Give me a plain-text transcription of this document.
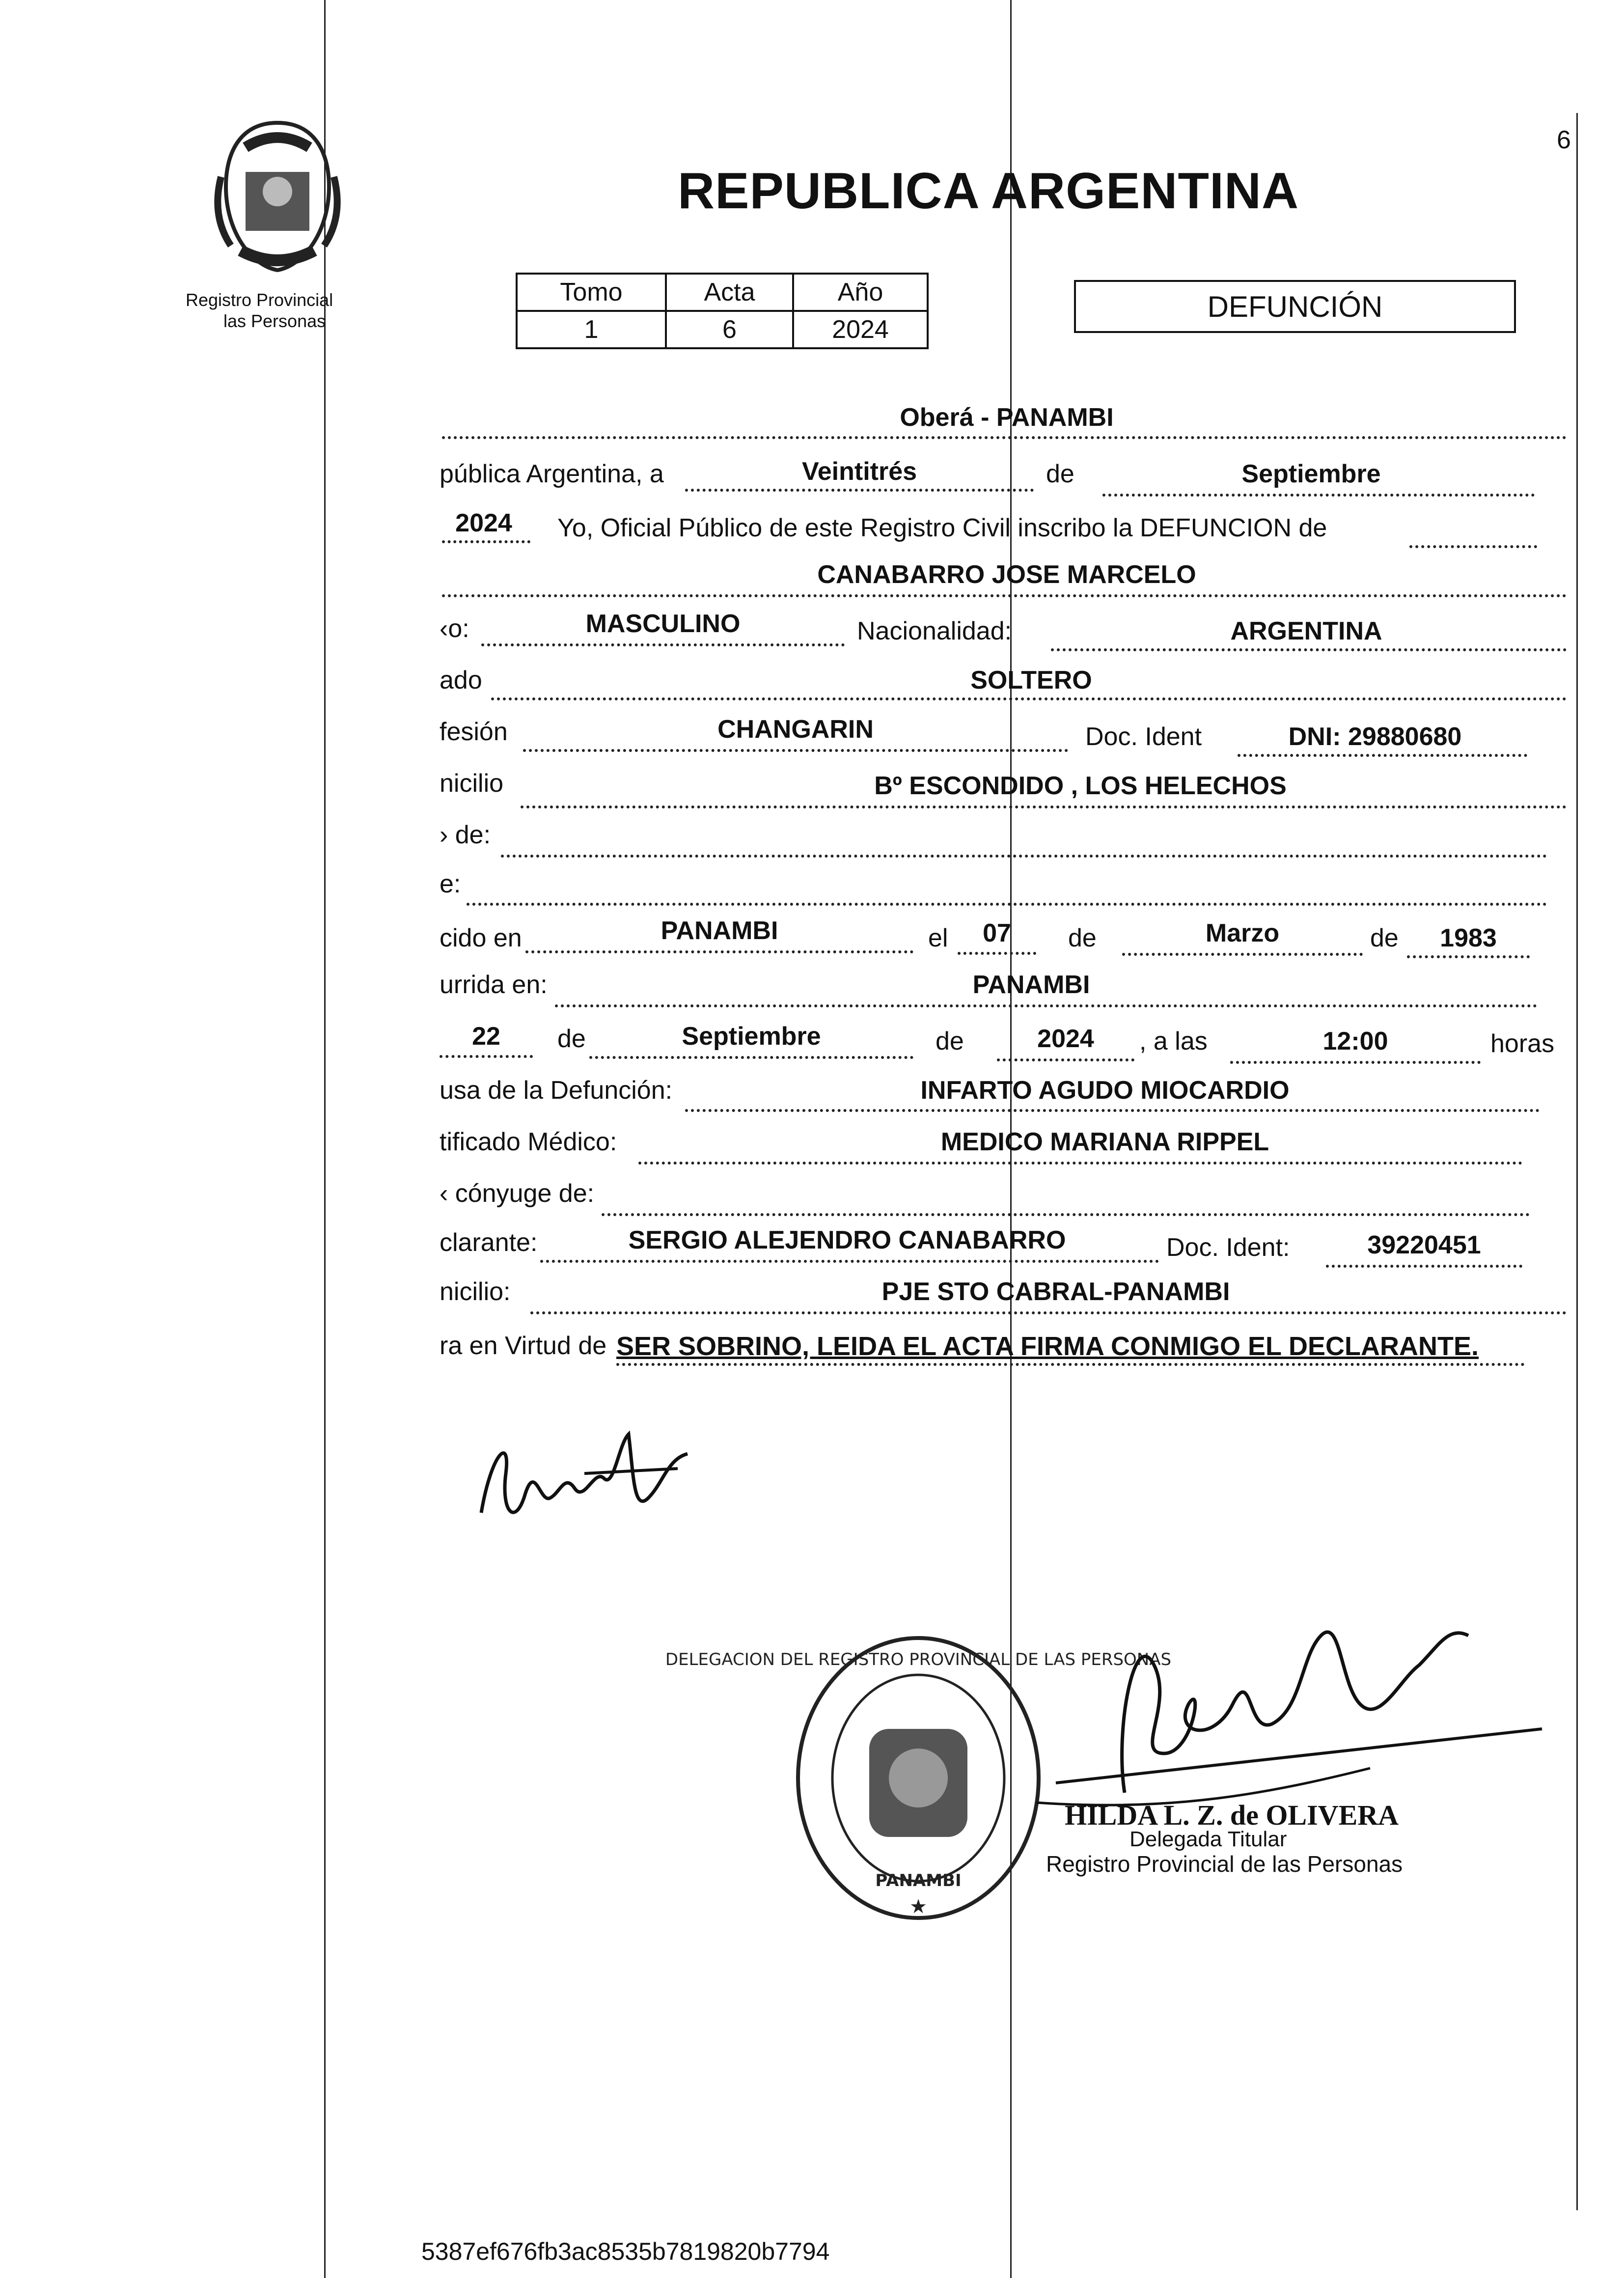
Registro Provincial
las Personas
6
REPUBLICA ARGENTINA
Tomo	Acta	Año
1	6	2024
DEFUNCIÓN
Oberá - PANAMBI
pública Argentina, a	Veintitrés	de	Septiembre
2024	Yo, Oficial Público de este Registro Civil inscribo la DEFUNCION de
CANABARRO JOSE MARCELO
‹o:	MASCULINO	Nacionalidad:	ARGENTINA
ado	SOLTERO
fesión	CHANGARIN	Doc. Ident	DNI: 29880680
nicilio	Bº ESCONDIDO , LOS HELECHOS
› de:
e:
cido en	PANAMBI	el	07	de	Marzo	de	1983
urrida en:	PANAMBI
22	de	Septiembre	de	2024	, a las	12:00	horas
usa de la Defunción:	INFARTO AGUDO MIOCARDIO
tificado Médico:	MEDICO MARIANA RIPPEL
‹ cónyuge de:
clarante:	SERGIO ALEJENDRO CANABARRO	Doc. Ident:	39220451
nicilio:	PJE STO CABRAL-PANAMBI
ra en Virtud de SER SOBRINO, LEIDA EL ACTA FIRMA CONMIGO EL DECLARANTE.
DELEGACION DEL REGISTRO PROVINCIAL DE LAS PERSONAS
PANAMBI
★
HILDA L. Z. de OLIVERA
Delegada Titular
Registro Provincial de las Personas
5387ef676fb3ac8535b7819820b7794
